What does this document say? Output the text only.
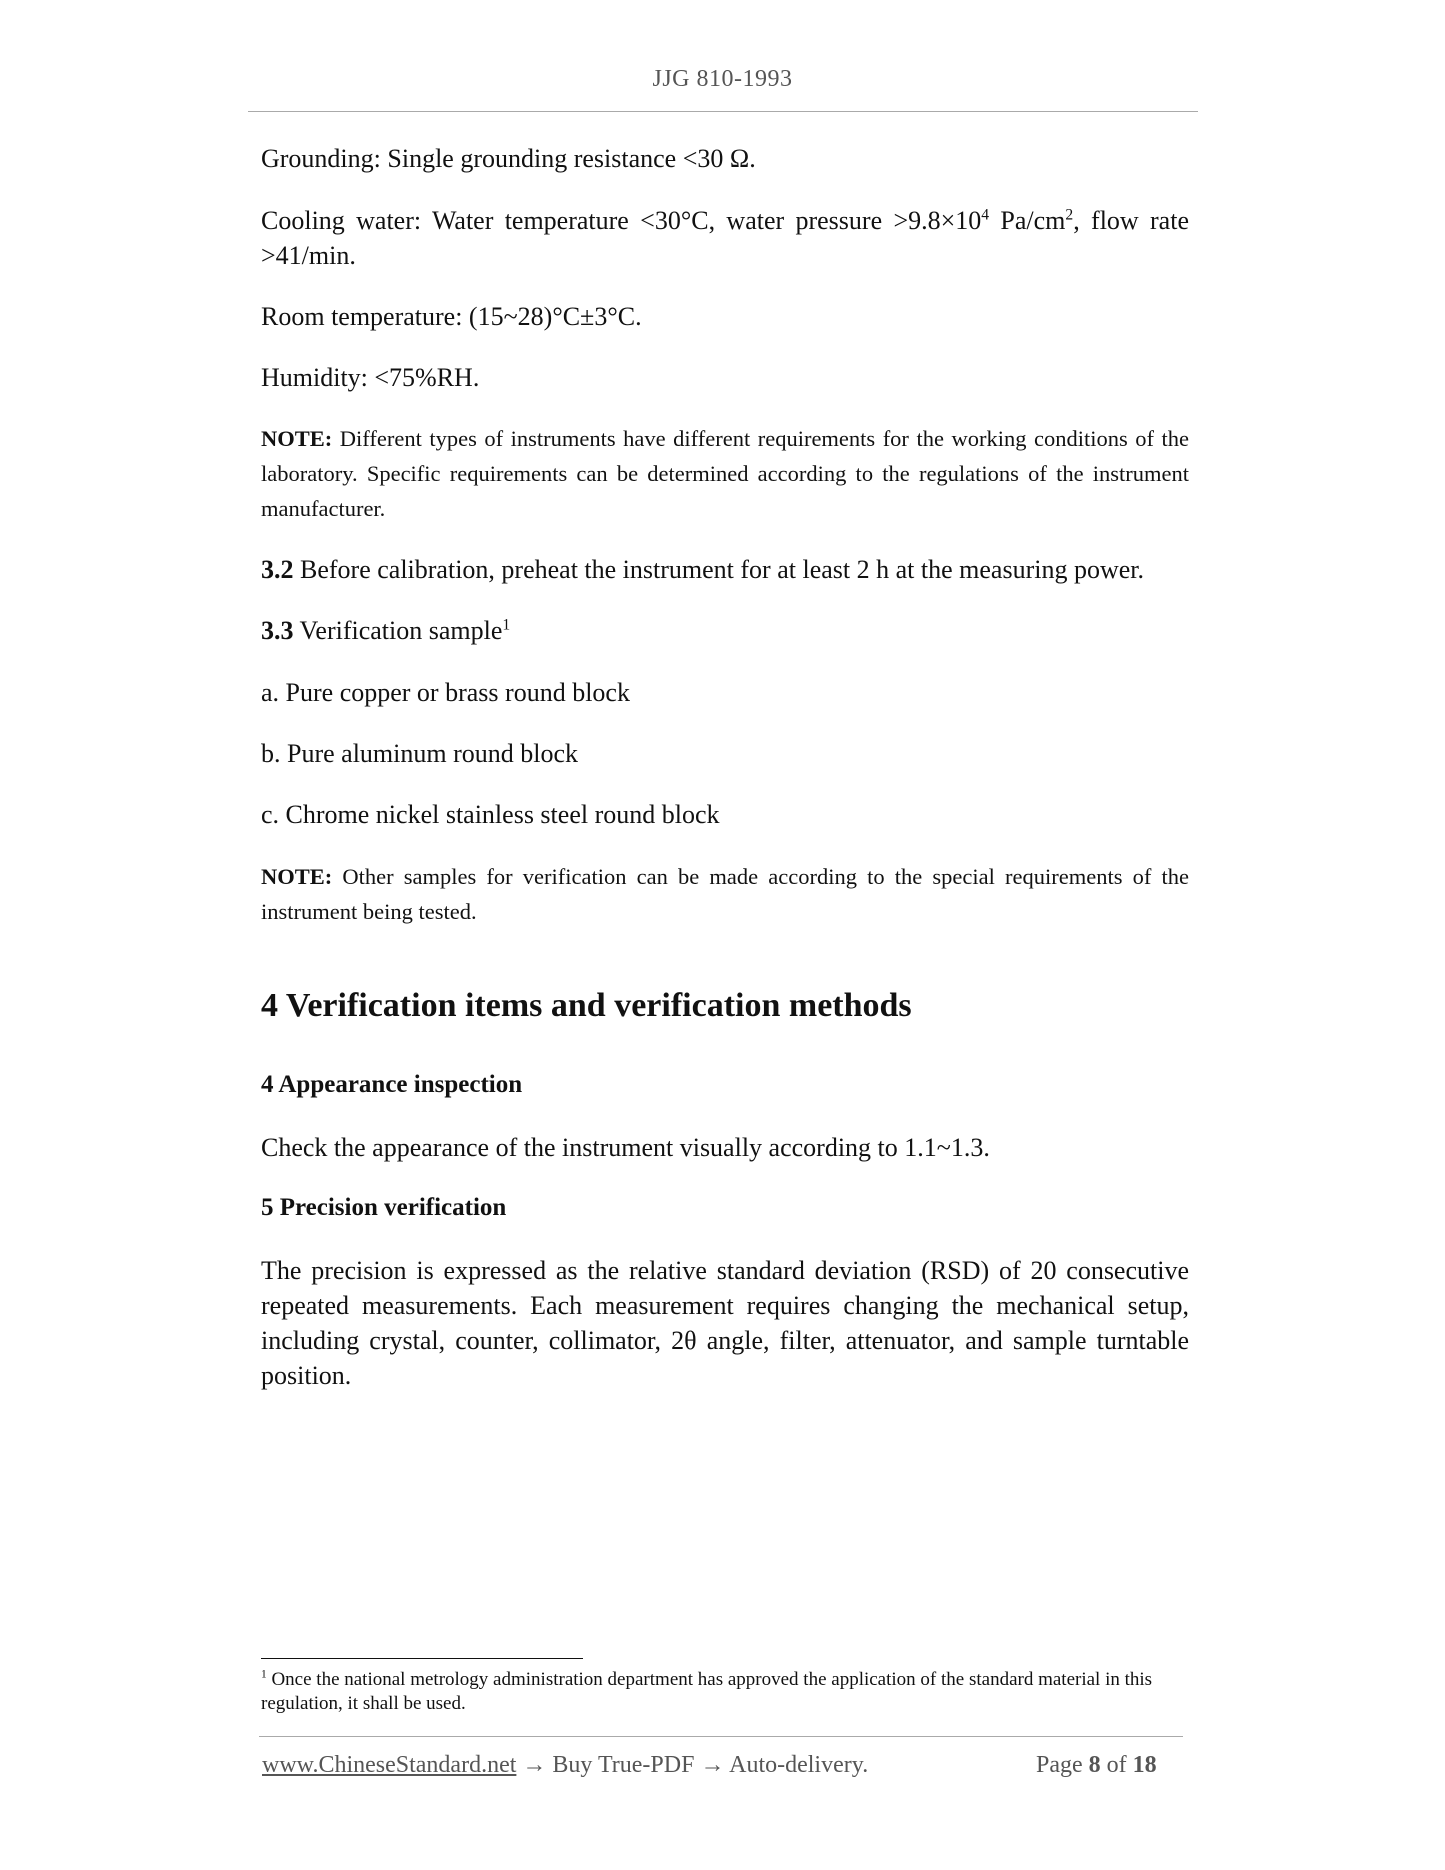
JJG 810-1993

Grounding: Single grounding resistance <30 Ω.

Cooling water: Water temperature <30°C, water pressure $>9.8\times 10^4$ $Pa/cm^2$, flow rate >41/min.

Room temperature: (15~28)°C±3°C.

Humidity: <75%RH.

NOTE: Different types of instruments have different requirements for the working conditions of the laboratory. Specific requirements can be determined according to the regulations of the instrument manufacturer.

3.2 Before calibration, preheat the instrument for at least 2 h at the measuring power.

3.3 Verification sample$^1$

a. Pure copper or brass round block

b. Pure aluminum round block

c. Chrome nickel stainless steel round block

NOTE: Other samples for verification can be made according to the special requirements of the instrument being tested.

4 Verification items and verification methods

4 Appearance inspection

Check the appearance of the instrument visually according to 1.1~1.3.

5 Precision verification

The precision is expressed as the relative standard deviation (RSD) of 20 consecutive repeated measurements. Each measurement requires changing the mechanical setup, including crystal, counter, collimator, 2θ angle, filter, attenuator, and sample turntable position.

$^1$ Once the national metrology administration department has approved the application of the standard material in this regulation, it shall be used.
www.ChineseStandard.net → Buy True-PDF → Auto-delivery.	Page 8 of 18
